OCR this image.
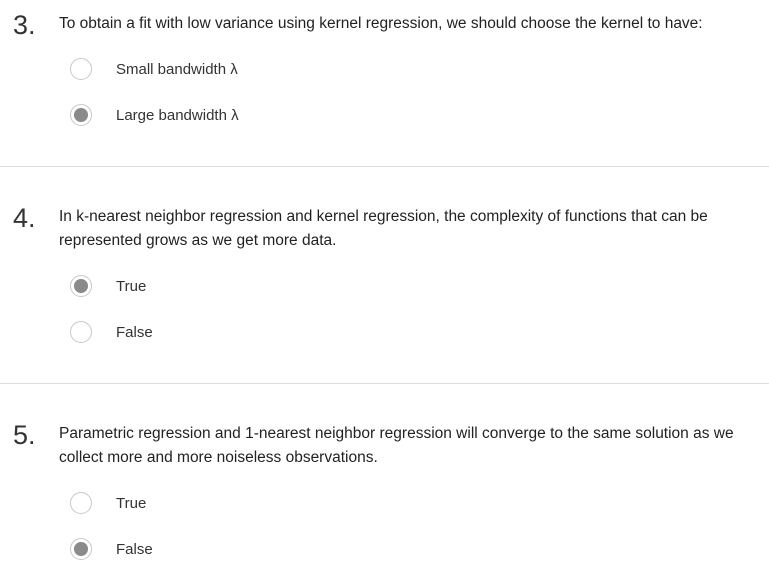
3. To obtain a fit with low variance using kernel regression, we should choose the kernel to have:
Small bandwidth λ
Large bandwidth λ
4. In k-nearest neighbor regression and kernel regression, the complexity of functions that can be represented grows as we get more data.
True
False
5. Parametric regression and 1-nearest neighbor regression will converge to the same solution as we collect more and more noiseless observations.
True
False
